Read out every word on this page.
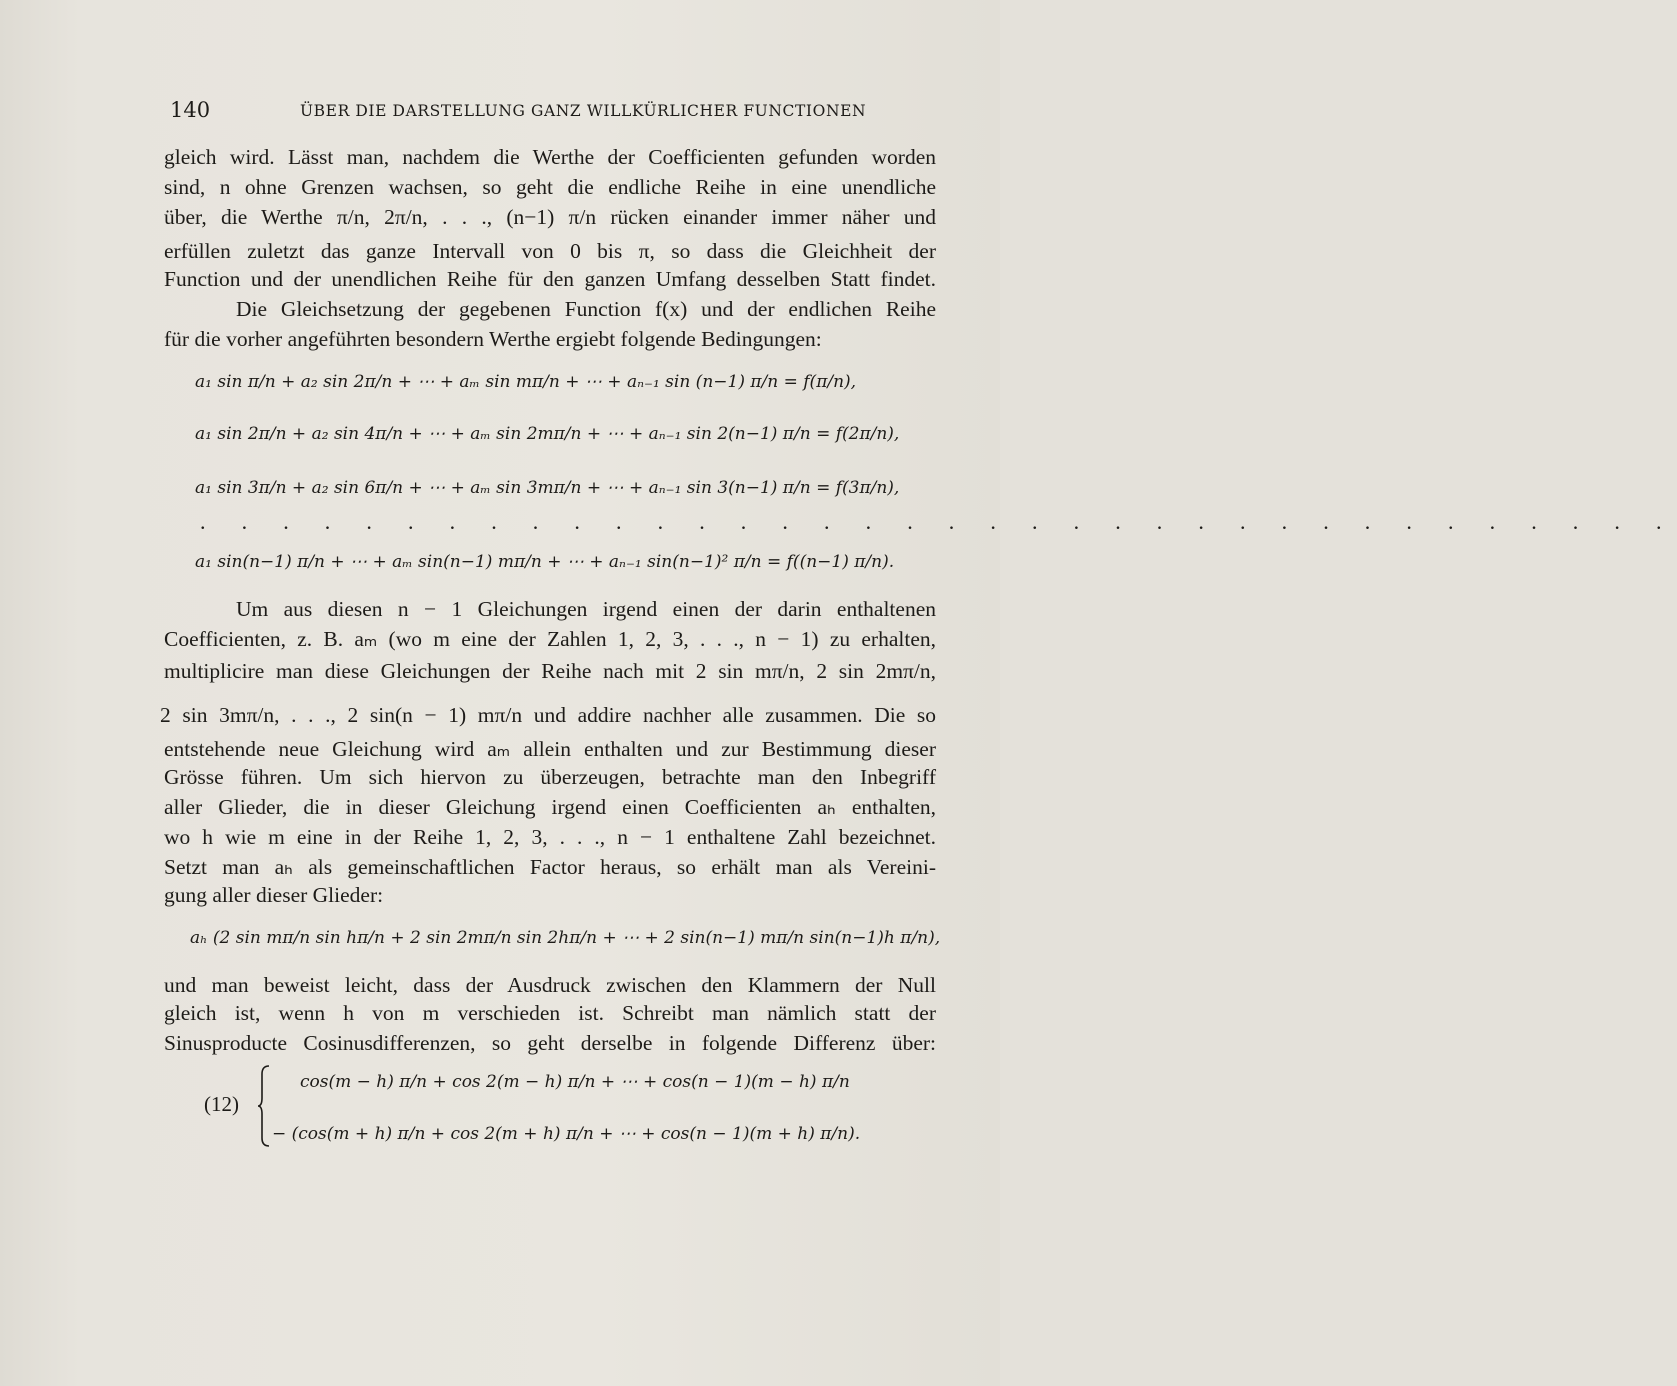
140	ÜBER DIE DARSTELLUNG GANZ WILLKÜRLICHER FUNCTIONEN
gleich wird. Lässt man, nachdem die Werthe der Coefficienten gefunden worden
sind, n ohne Grenzen wachsen, so geht die endliche Reihe in eine unendliche
über, die Werthe π/n, 2π/n, . . ., (n−1) π/n rücken einander immer näher und
erfüllen zuletzt das ganze Intervall von 0 bis π, so dass die Gleichheit der
Function und der unendlichen Reihe für den ganzen Umfang desselben Statt findet.
Die Gleichsetzung der gegebenen Function f(x) und der endlichen Reihe
für die vorher angeführten besondern Werthe ergiebt folgende Bedingungen:
a₁ sin π/n + a₂ sin 2π/n + ⋯ + aₘ sin mπ/n + ⋯ + aₙ₋₁ sin (n−1) π/n = f(π/n),
a₁ sin 2π/n + a₂ sin 4π/n + ⋯ + aₘ sin 2mπ/n + ⋯ + aₙ₋₁ sin 2(n−1) π/n = f(2π/n),
a₁ sin 3π/n + a₂ sin 6π/n + ⋯ + aₘ sin 3mπ/n + ⋯ + aₙ₋₁ sin 3(n−1) π/n = f(3π/n),
. . . . . . . . . . . . . . . . . . . . . . . . . . . . . . . . . . . .
a₁ sin(n−1) π/n + ⋯ + aₘ sin(n−1) mπ/n + ⋯ + aₙ₋₁ sin(n−1)² π/n = f((n−1) π/n).
Um aus diesen n − 1 Gleichungen irgend einen der darin enthaltenen
Coefficienten, z. B. aₘ (wo m eine der Zahlen 1, 2, 3, . . ., n − 1) zu erhalten,
multiplicire man diese Gleichungen der Reihe nach mit 2 sin mπ/n, 2 sin 2mπ/n,
2 sin 3mπ/n, . . ., 2 sin(n − 1) mπ/n und addire nachher alle zusammen. Die so
entstehende neue Gleichung wird aₘ allein enthalten und zur Bestimmung dieser
Grösse führen. Um sich hiervon zu überzeugen, betrachte man den Inbegriff
aller Glieder, die in dieser Gleichung irgend einen Coefficienten aₕ enthalten,
wo h wie m eine in der Reihe 1, 2, 3, . . ., n − 1 enthaltene Zahl bezeichnet.
Setzt man aₕ als gemeinschaftlichen Factor heraus, so erhält man als Vereini-
gung aller dieser Glieder:
aₕ (2 sin mπ/n sin hπ/n + 2 sin 2mπ/n sin 2hπ/n + ⋯ + 2 sin(n−1) mπ/n sin(n−1)h π/n),
und man beweist leicht, dass der Ausdruck zwischen den Klammern der Null
gleich ist, wenn h von m verschieden ist. Schreibt man nämlich statt der
Sinusproducte Cosinusdifferenzen, so geht derselbe in folgende Differenz über:
(12)
cos(m − h) π/n + cos 2(m − h) π/n + ⋯ + cos(n − 1)(m − h) π/n
− (cos(m + h) π/n + cos 2(m + h) π/n + ⋯ + cos(n − 1)(m + h) π/n).
